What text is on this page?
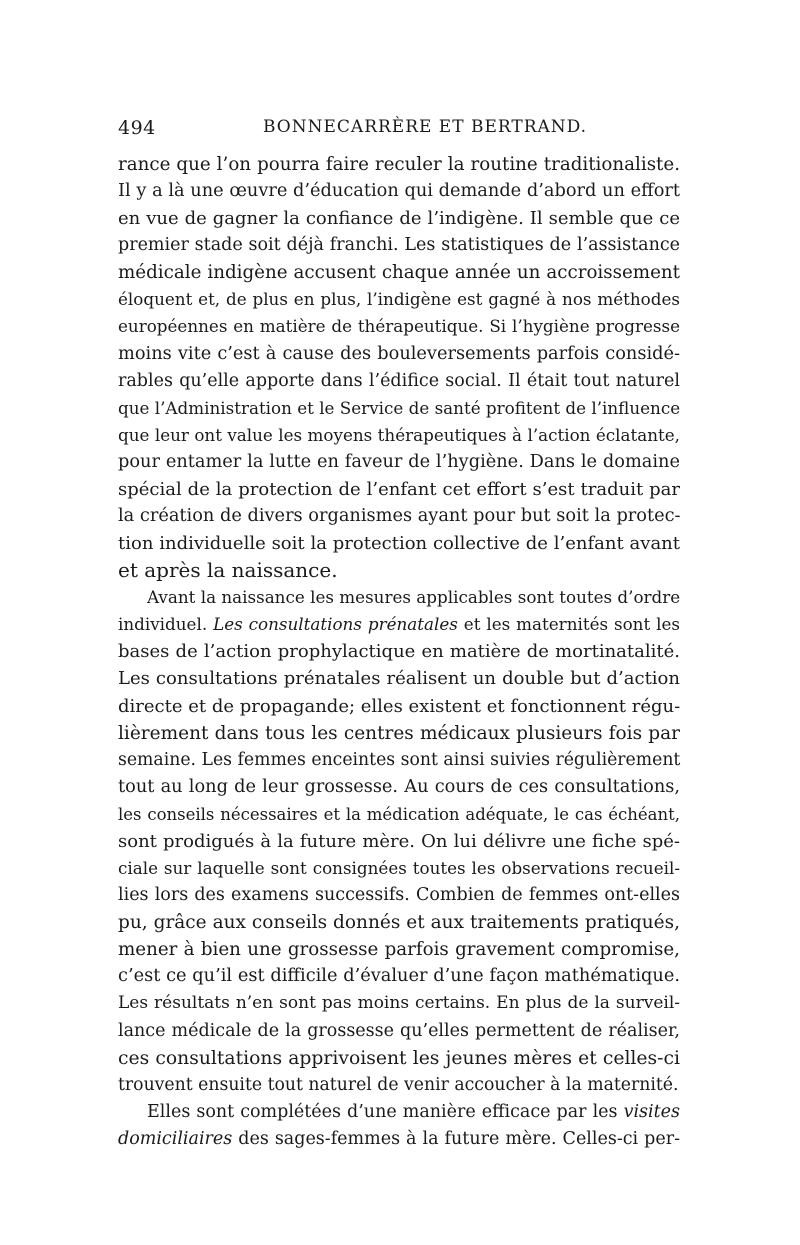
494	BONNECARRÈRE ET BERTRAND.
rance que l’on pourra faire reculer la routine traditionaliste.
Il y a là une œuvre d’éducation qui demande d’abord un effort
en vue de gagner la confiance de l’indigène. Il semble que ce
premier stade soit déjà franchi. Les statistiques de l’assistance
médicale indigène accusent chaque année un accroissement
éloquent et, de plus en plus, l’indigène est gagné à nos méthodes
européennes en matière de thérapeutique. Si l’hygiène progresse
moins vite c’est à cause des bouleversements parfois considé-
rables qu’elle apporte dans l’édifice social. Il était tout naturel
que l’Administration et le Service de santé profitent de l’influence
que leur ont value les moyens thérapeutiques à l’action éclatante,
pour entamer la lutte en faveur de l’hygiène. Dans le domaine
spécial de la protection de l’enfant cet effort s’est traduit par
la création de divers organismes ayant pour but soit la protec-
tion individuelle soit la protection collective de l’enfant avant
et après la naissance.
Avant la naissance les mesures applicables sont toutes d’ordre
individuel. Les consultations prénatales et les maternités sont les
bases de l’action prophylactique en matière de mortinatalité.
Les consultations prénatales réalisent un double but d’action
directe et de propagande; elles existent et fonctionnent régu-
lièrement dans tous les centres médicaux plusieurs fois par
semaine. Les femmes enceintes sont ainsi suivies régulièrement
tout au long de leur grossesse. Au cours de ces consultations,
les conseils nécessaires et la médication adéquate, le cas échéant,
sont prodigués à la future mère. On lui délivre une fiche spé-
ciale sur laquelle sont consignées toutes les observations recueil-
lies lors des examens successifs. Combien de femmes ont-elles
pu, grâce aux conseils donnés et aux traitements pratiqués,
mener à bien une grossesse parfois gravement compromise,
c’est ce qu’il est difficile d’évaluer d’une façon mathématique.
Les résultats n’en sont pas moins certains. En plus de la surveil-
lance médicale de la grossesse qu’elles permettent de réaliser,
ces consultations apprivoisent les jeunes mères et celles-ci
trouvent ensuite tout naturel de venir accoucher à la maternité.
Elles sont complétées d’une manière efficace par les visites
domiciliaires des sages-femmes à la future mère. Celles-ci per-
